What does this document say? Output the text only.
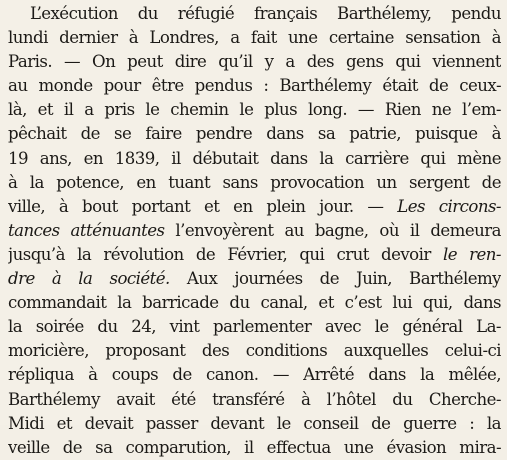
L’exécution du réfugié français Barthélemy, pendu
lundi dernier à Londres, a fait une certaine sensation à
Paris. — On peut dire qu’il y a des gens qui viennent
au monde pour être pendus : Barthélemy était de ceux-
là, et il a pris le chemin le plus long. — Rien ne l’em-
pêchait de se faire pendre dans sa patrie, puisque à
19 ans, en 1839, il débutait dans la carrière qui mène
à la potence, en tuant sans provocation un sergent de
ville, à bout portant et en plein jour. — Les circons-
tances atténuantes l’envoyèrent au bagne, où il demeura
jusqu’à la révolution de Février, qui crut devoir le ren-
dre à la société. Aux journées de Juin, Barthélemy
commandait la barricade du canal, et c’est lui qui, dans
la soirée du 24, vint parlementer avec le général La-
moricière, proposant des conditions auxquelles celui-ci
répliqua à coups de canon. — Arrêté dans la mêlée,
Barthélemy avait été transféré à l’hôtel du Cherche-
Midi et devait passer devant le conseil de guerre : la
veille de sa comparution, il effectua une évasion mira-
